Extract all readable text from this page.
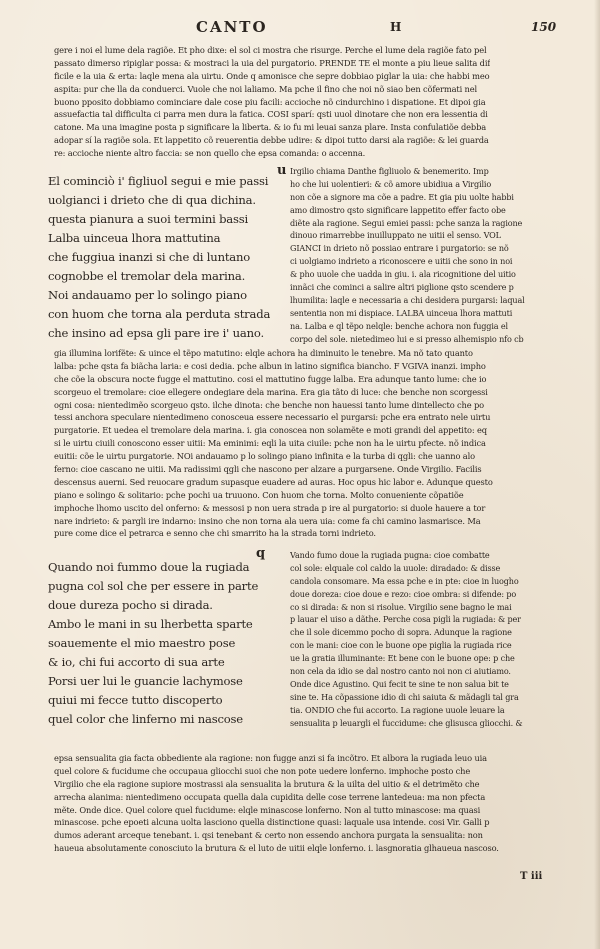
CANTO	H	150
gere i noi el lume dela ragiõe. Et pho dixe: el sol ci mostra che risurge. Perche el lume dela ragiõe fato pel
passato dimerso ripiglar possa: & mostraci la uia del purgatorio. PRENDE TE el monte a piu lieue salita dif
ficile e la uia & erta: laqle mena ala uirtu. Onde q amonisce che sepre dobbiao piglar la uia: che habbi meo
aspita: pur che lla da conduerci. Vuole che noi laliamo. Ma pche il fino che noi nõ siao ben cõfermati nel
buono pposito dobbiamo cominciare dale cose piu facili: accioche nõ cindurchino i dispatione. Et dipoi gia
assuefactia tal difficulta ci parra men dura la fatica. COSI sparí: qsti uuol dinotare che non era lessentia di
catone. Ma una imagine posta p significare la liberta. & io fu mi leuai sanza plare. Insta confulatiõe debba
adopar sí la ragiõe sola. Et lappetito cõ reuerentia debbe udire: & dipoi tutto darsi ala ragiõe: & lei guarda
re: accioche niente altro faccia: se non quello che epsa comanda: o accenna.
El cominciò i' figliuol segui e mie passi
uolgianci i drieto che di qua dichina.
questa pianura a suoi termini bassi
Lalba uinceua lhora mattutina
che fuggiua inanzi si che di luntano
cognobbe el tremolar dela marina.
Noi andauamo per lo solingo piano
con huom che torna ala perduta strada
che insino ad epsa gli pare ire i' uano.
u Irgilio chiama Danthe figliuolo & benemerito. Imp
ho che lui uolentieri: & cõ amore ubidiua a Virgilio
non cõe a signore ma cõe a padre. Et gia piu uolte habbi
amo dimostro qsto significare lappetito effer facto obe
diẽte ala ragione. Segui emiei passi: pche sanza la ragione
dinouo rimarrebbe inuilluppato ne uitii el senso. VOL
GIANCI in drieto nõ possiao entrare i purgatorio: se nõ
ci uolgiamo indrieto a riconoscere e uitii che sono in noi
& pho uuole che uadda in giu. i. ala ricognitione del uitio
innãci che cominci a salire altri piglione qsto scendere p
lhumilita: laqle e necessaria a chi desidera purgarsi: laqual
sententia non mi dispiace. LALBA uinceua lhora mattuti
na. Lalba e ql tẽpo nelqle: benche achora non fuggia el
corpo del sole. nietedimeo lui e si presso alhemispio nfo cb
gia illumina lorifẽte: & uince el tẽpo matutino: elqle achora ha diminuito le tenebre. Ma nõ tato quanto
lalba: pche qsta fa biãcha laria: e cosi dedia. pche albun in latino significa biancho. F VGIVA inanzi. impho
che cõe la obscura nocte fugge el mattutino. cosi el mattutino fugge lalba. Era adunque tanto lume: che io
scorgeuo el tremolare: cioe ellegere ondegiare dela marina. Era gia tãto di luce: che benche non scorgessi
ogni cosa: nientedimẽo scorgeuo qsto. ilche dinota: che benche non hauessi tanto lume dintellecto che po
tessi anchora speculare nientedimeno conosceua essere necessario el purgarsi: pche era entrato nele uirtu
purgatorie. Et uedea el tremolare dela marina. i. gia conoscea non solamẽte e moti grandi del appetito: eq
si le uirtu ciuili conoscono esser uitii: Ma eminimi: eqli la uita ciuile: pche non ha le uirtu pfecte. nõ indica
euitii: cõe le uirtu purgatorie. NOi andauamo p lo solingo piano infinita e la turba di qgli: che uanno alo
ferno: cioe cascano ne uitii. Ma radissimi qgli che nascono per alzare a purgarsene. Onde Virgilio. Facilis
descensus auerni. Sed reuocare gradum supasque euadere ad auras. Hoc opus hic labor e. Adunque questo
piano e solingo & solitario: pche pochi ua truuono. Con huom che torna. Molto conueniente cõpatiõe
imphoche lhomo uscito del onferno: & messosi p non uera strada p ire al purgatorio: si duole hauere a tor
nare indrieto: & pargli ire indarno: insino che non torna ala uera uia: come fa chi camino lasmarisce. Ma
pure come dice el petrarca e senno che chi smarrito ha la strada torni indrieto.
Quando noi fummo doue la rugiada
pugna col sol che per essere in parte
doue dureza pocho si dirada.
Ambo le mani in su lherbetta sparte
soauemente el mio maestro pose
& io, chi fui accorto di sua arte
Porsi uer lui le guancie lachymose
quiui mi fecce tutto discoperto
quel color che linferno mi nascose
q	Vando fumo doue la rugiada pugna: cioe combatte
col sole: elquale col caldo la uuole: diradado: & disse
candola consomare. Ma essa pche e in pte: cioe in luogho
doue doreza: cioe doue e rezo: cioe ombra: si difende: po
co si dirada: & non si risolue. Virgilio sene bagno le mai
p lauar el uiso a dãthe. Perche cosa pigli la rugiada: & per
che il sole dicemmo pocho di sopra. Adunque la ragione
con le mani: cioe con le buone ope piglia la rugiada rice
ue la gratia illuminante: Et bene con le buone ope: p che
non cela da idio se dal nostro canto noi non ci aiutiamo.
Onde dice Agustino. Qui fecit te sine te non salua bit te
sine te. Ha cõpassione idio di chi saiuta & mãdagli tal gra
tia. ONDIO che fui accorto. La ragione uuole leuare la
sensualita p leuargli el fuccidume: che glisusca gliocchi. &
epsa sensualita gia facta obbediente ala ragione: non fugge anzi si fa incõtro. Et albora la rugiada leuo uia
quel colore & fucidume che occupaua gliocchi suoi che non pote uedere lonferno. imphoche posto che
Virgilio che ela ragione supiore mostrassi ala sensualita la brutura & la uilta del uitio & el detrimẽto che
arrecha alanima: nientedimeno occupata quella dala cupidita delle cose terrene lantedeua: ma non pfecta
mẽte. Onde dice. Quel colore quel fucidume: elqle minascose lonferno. Non al tutto minascose: ma quasi
minascose. pche epoeti alcuna uolta lasciono quella distinctione quasi: laquale usa intende. cosi Vir. Galli p
dumos aderant arceque tenebant. i. qsi tenebant & certo non essendo anchora purgata la sensualita: non
haueua absolutamente conosciuto la brutura & el luto de uitii elqle lonferno. i. lasgnoratia glhaueua nascoso.
T iii
